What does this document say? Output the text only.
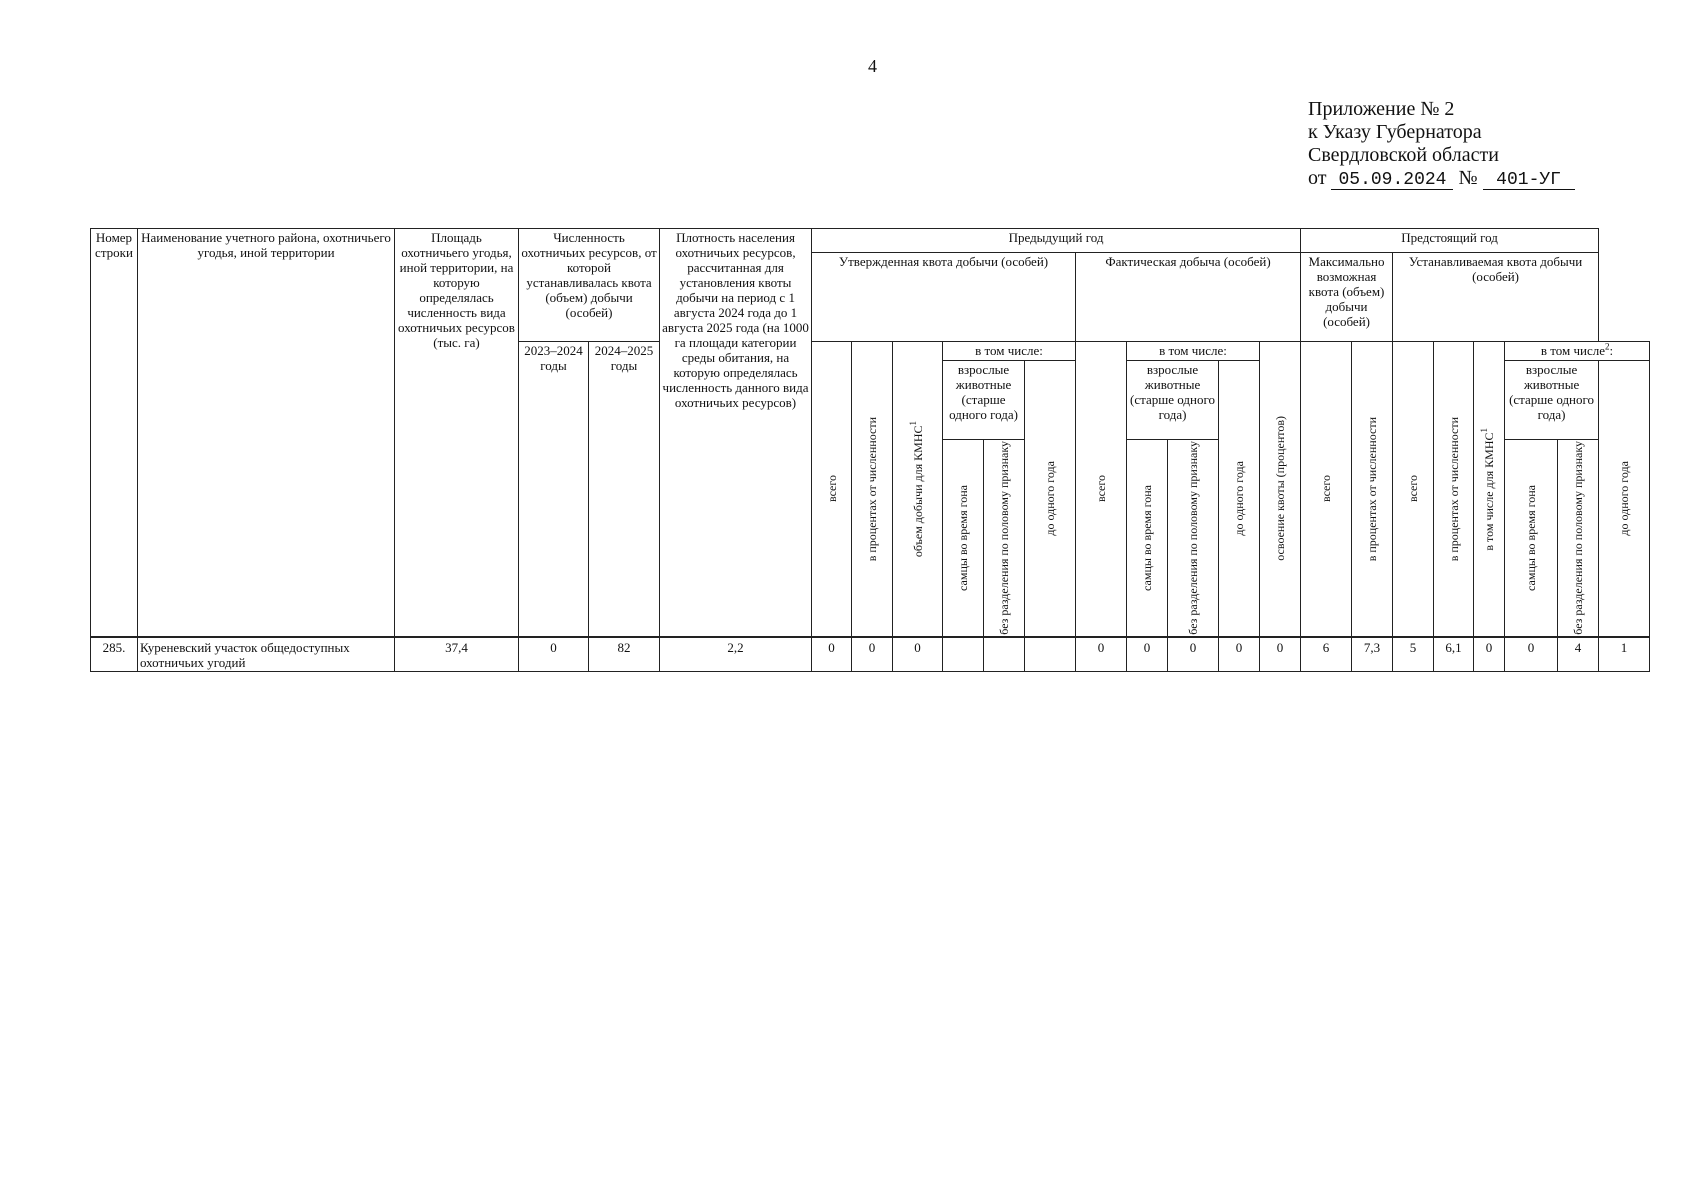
4
Приложение № 2
к Указу Губернатора
Свердловской области
от 05.09.2024 № 401-УГ
Номер строки	Наименование учетного района, охотничьего угодья, иной территории	Площадь охотничьего угодья, иной территории, на которую определялась численность вида охотничьих ресурсов (тыс. га)	Численность охотничьих ресурсов, от которой устанавливалась квота (объем) добычи (особей)		Плотность населения охотничьих ресурсов, рассчитанная для установления квоты добычи на период с 1 августа 2024 года до 1 августа 2025 года (на 1000 га площади категории среды обитания, на которую определялась численность данного вида охотничьих ресурсов)	Предыдущий год											Предстоящий год							
						Утвержденная квота добычи (особей)						Фактическая добыча (особей)					Максимально возможная квота (объем) добычи (особей)		Устанавливаемая квота добычи (особей)					
			2023–2024 годы	2024–2025 годы		всего	в процентах от численности	объем добычи для КМНС$^1$	в том числе:			всего	в том числе:			освоение квоты (процентов)	всего	в процентах от численности	всего	в процентах от численности	в том числе для КМНС$^1$	в том числе$^2$:		
									взрослые животные (старше одного года)		до одного года		взрослые животные (старше одного года)		до одного года							взрослые животные (старше одного года)		до одного года
									самцы во время гона	без разделения по половому признаку			самцы во время гона	без разделения по половому признаку								самцы во время гона	без разделения по половому признаку	
285.	Куреневский участок общедоступных охотничьих угодий	37,4	0	82	2,2	0	0	0				0	0	0	0	0	6	7,3	5	6,1	0	0	4	1
